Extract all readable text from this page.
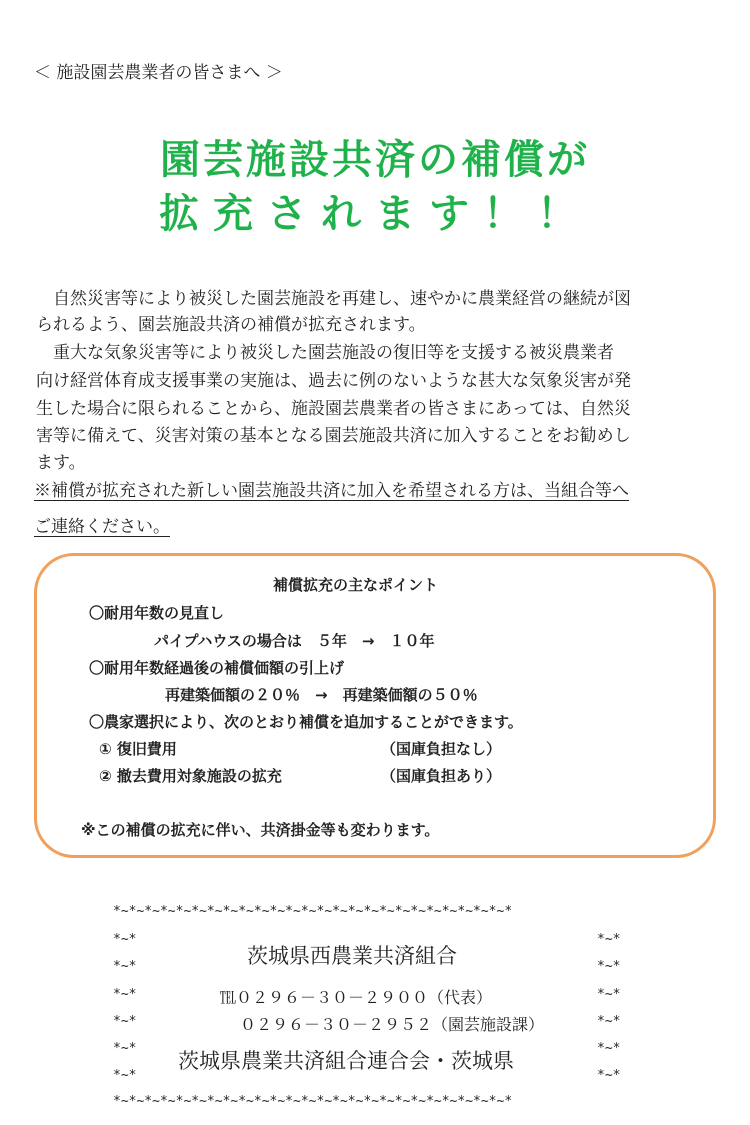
＜ 施設園芸農業者の皆さまへ ＞
園芸施設共済の補償が
拡充されます！！
　自然災害等により被災した園芸施設を再建し、速やかに農業経営の継続が図
られるよう、園芸施設共済の補償が拡充されます。
　重大な気象災害等により被災した園芸施設の復旧等を支援する被災農業者
向け経営体育成支援事業の実施は、過去に例のないような甚大な気象災害が発
生した場合に限られることから、施設園芸農業者の皆さまにあっては、自然災
害等に備えて、災害対策の基本となる園芸施設共済に加入することをお勧めし
ます。
※補償が拡充された新しい園芸施設共済に加入を希望される方は、当組合等へ
ご連絡ください。
補償拡充の主なポイント
〇耐用年数の見直し
パイプハウスの場合は　５年　→　１０年
〇耐用年数経過後の補償価額の引上げ
再建築価額の２０％　→　再建築価額の５０％
〇農家選択により、次のとおり補償を追加することができます。
① 復旧費用	（国庫負担なし）
② 撤去費用対象施設の拡充	（国庫負担あり）
※この補償の拡充に伴い、共済掛金等も変わります。
*~*~*~*~*~*~*~*~*~*~*~*~*~*~*~*~*~*~*~*~*~*~*~*~*~*
*~*	*~*
*~*	*~*
*~*	*~*
*~*	*~*
*~*	*~*
*~*	*~*
茨城県西農業共済組合
℡０２９６－３０－２９００（代表）
０２９６－３０－２９５２（園芸施設課）
茨城県農業共済組合連合会・茨城県
*~*~*~*~*~*~*~*~*~*~*~*~*~*~*~*~*~*~*~*~*~*~*~*~*~*
